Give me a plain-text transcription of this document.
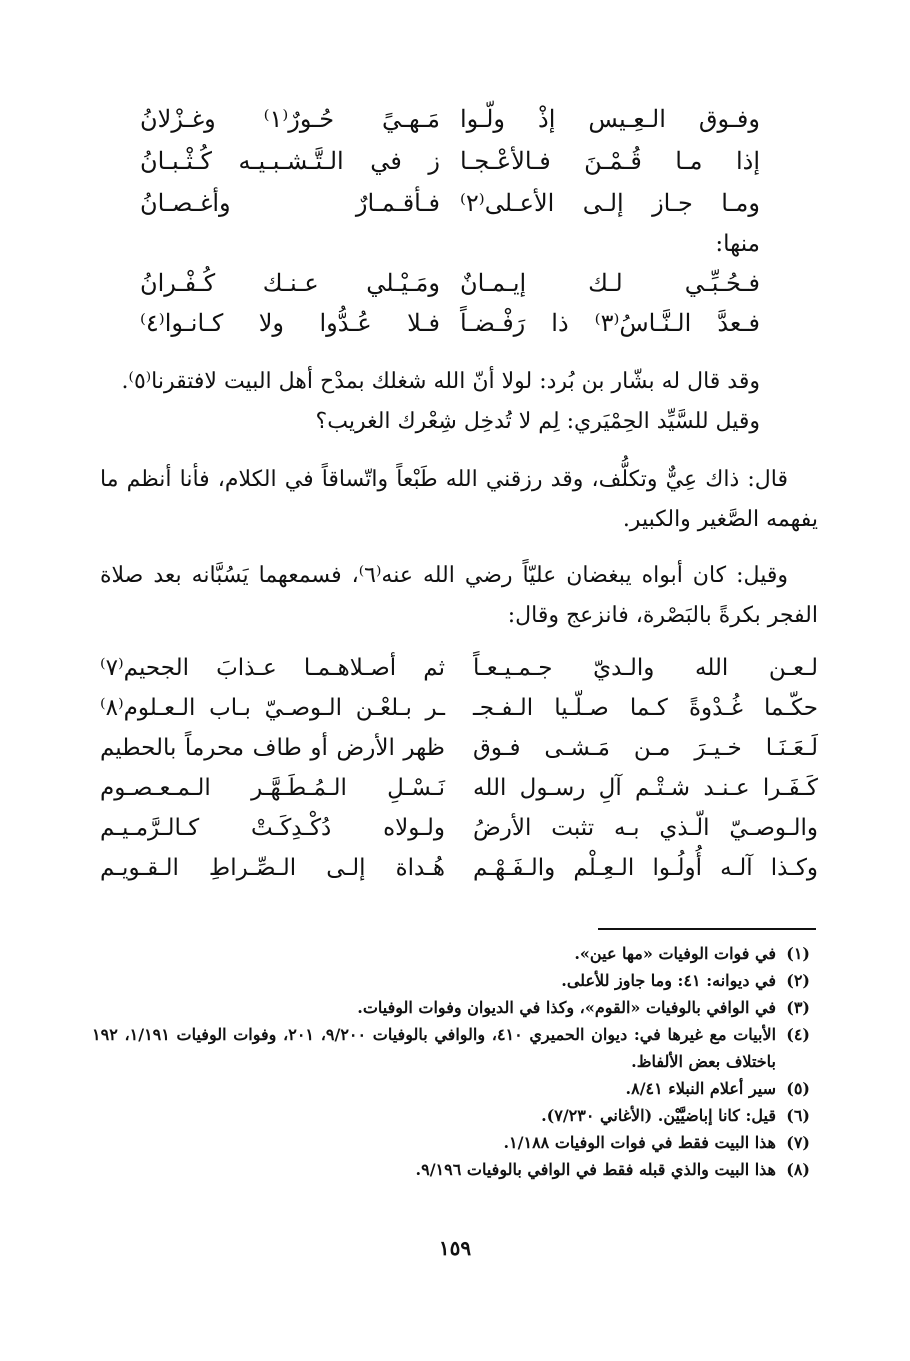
وفـوق الـعِـيس إذْ ولّـوا
مَـهـيً حُـورٌ⁽١⁾ وغـزْلانُ
إذا مـا قُـمْـنَ فـالأعْـجـا
ز في الـتَّـشـبـيـه كُـثْـبـانُ
ومـا جـاز إلـى الأعـلى⁽٢⁾
فـأقـمـارٌ وأغـصـانُ
منها:
فـحُـبِّـي لـك إيـمـانٌ
ومَـيْـلي عـنـك كُـفْـرانُ
فـعدَّ الـنَّـاسُ⁽٣⁾ ذا رَفْـضـاً
فـلا عُـدُّوا ولا كـانـوا⁽٤⁾
وقد قال له بشّار بن بُرد: لولا أنّ الله شغلك بمدْح أهل البيت لافتقرنا⁽٥⁾.
وقيل للسَّيِّد الحِمْيَري: لِم لا تُدخِل شِعْرك الغريب؟
قال: ذاك عِيٌّ وتكلُّف، وقد رزقني الله طَبْعاً واتّساقاً في الكلام، فأنا أنظم ما يفهمه الصَّغير والكبير.
وقيل: كان أبواه يبغضان عليّاً رضي الله عنه⁽٦⁾، فسمعهما يَسُبَّانه بعد صلاة الفجر بكرةً بالبَصْرة، فانزعج وقال:
لـعـن الله والـديّ جـمـيـعـاً
ثم أصـلاهـمـا عـذابَ الجحيم⁽٧⁾
حكّـما غُـدْوةً كـما صـلّـيا الـفـجـ
ـر بـلعْـن الـوصـيّ بـاب الـعـلوم⁽٨⁾
لَـعَـنَـا خـيـرَ مـن مَـشـى فـوق
ظهر الأرض أو طاف محرماً بالحطيم
كَـفَـرا عـنـد شـتْـم آلِ رسـول الله
نَـسْـلِ الـمُـطَـهَّـر الـمـعـصـوم
والـوصـيّ الّـذي بـه تثبت الأرضُ
ولـولاه دُكْـدِكَـتْ كـالـرَّمـيـم
وكـذا آلـه أُولُـوا الـعِـلْم والـفَـهْـم
هُـداة إلـى الـصِّـراطِ الـقـويـم
(١)
في فوات الوفيات «مها عين».
(٢)
في ديوانه: ٤١: وما جاوز للأعلى.
(٣)
في الوافي بالوفيات «القوم»، وكذا في الديوان وفوات الوفيات.
(٤)
الأبيات مع غيرها في: ديوان الحميري ٤١٠، والوافي بالوفيات ٩/٢٠٠، ٢٠١، وفوات الوفيات ١/١٩١، ١٩٢ باختلاف بعض الألفاظ.
(٥)
سير أعلام النبلاء ٨/٤١.
(٦)
قيل: كانا إباضيَّيْن. (الأغاني ٧/٢٣٠).
(٧)
هذا البيت فقط في فوات الوفيات ١/١٨٨.
(٨)
هذا البيت والذي قبله فقط في الوافي بالوفيات ٩/١٩٦.
١٥٩
